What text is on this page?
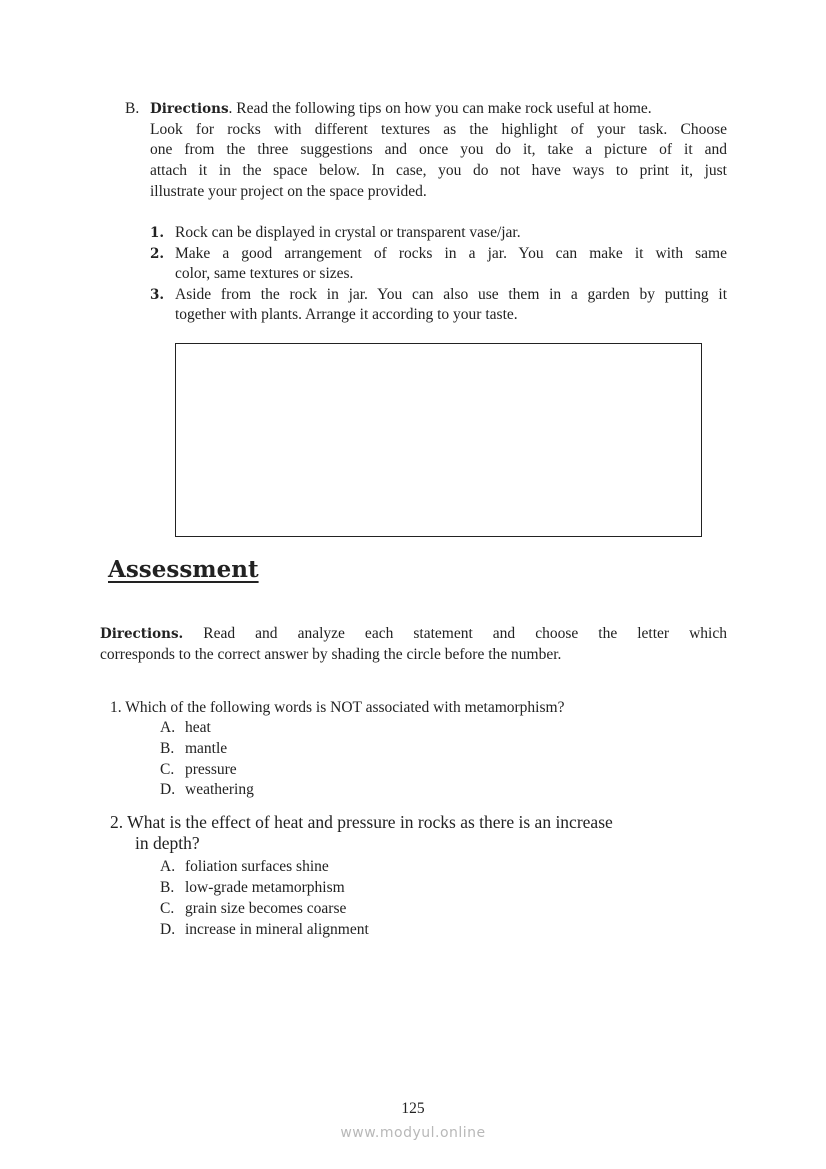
B. Directions. Read the following tips on how you can make rock useful at home.
Look for rocks with different textures as the highlight of your task. Choose
one from the three suggestions and once you do it, take a picture of it and
attach it in the space below. In case, you do not have ways to print it, just
illustrate your project on the space provided.
1. Rock can be displayed in crystal or transparent vase/jar.
2. Make a good arrangement of rocks in a jar. You can make it with same
color, same textures or sizes.
3. Aside from the rock in jar. You can also use them in a garden by putting it
together with plants. Arrange it according to your taste.
Assessment
Directions. Read and analyze each statement and choose the letter which
corresponds to the correct answer by shading the circle before the number.
1. Which of the following words is NOT associated with metamorphism?
A. heat
B. mantle
C. pressure
D. weathering
2. What is the effect of heat and pressure in rocks as there is an increase
in depth?
A. foliation surfaces shine
B. low-grade metamorphism
C. grain size becomes coarse
D. increase in mineral alignment
125
www.modyul.online
